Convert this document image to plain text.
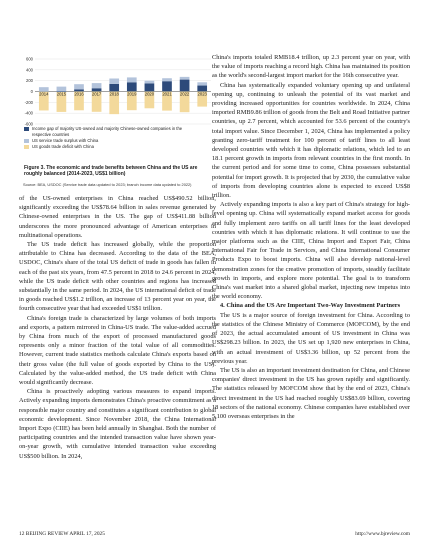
600
400
200
0
-200
-400
-600
2014 2015 2016 2017 2018 2019 2020 2021 2022 2023
Income gap of majority US-owned and majority Chinese-owned companies in the respective countries
US service trade surplus with China
US goods trade deficit with China
Figure 3. The economic and trade benefits between China and the US are roughly balanced (2014-2023, US$1 billion)
Source: BEA, USDOC (Service trade data updated to 2023; branch income data updated to 2022)

of the US-owned enterprises in China reached US$490.52 billion, significantly exceeding the US$78.64 billion in sales revenue generated by Chinese-owned enterprises in the US. The gap of US$411.88 billion underscores the more pronounced advantage of American enterprises in multinational operations.

The US trade deficit has increased globally, while the proportion attributable to China has decreased. According to the data of the BEA, USDOC, China's share of the total US deficit of trade in goods has fallen in each of the past six years, from 47.5 percent in 2018 to 24.6 percent in 2024, while the US trade deficit with other countries and regions has increased substantially in the same period. In 2024, the US international deficit of trade in goods reached US$1.2 trillion, an increase of 13 percent year on year, the fourth consecutive year that had exceeded US$1 trillion.

China's foreign trade is characterized by large volumes of both imports and exports, a pattern mirrored in China-US trade. The value-added accrued by China from much of the export of processed manufactured goods represents only a minor fraction of the total value of all commodities. However, current trade statistics methods calculate China's exports based on their gross value (the full value of goods exported by China to the US). Calculated by the value-added method, the US trade deficit with China would significantly decrease.

China is proactively adopting various measures to expand imports. Actively expanding imports demonstrates China's proactive commitment as a responsible major country and constitutes a significant contribution to global economic development. Since November 2018, the China International Import Expo (CIIE) has been held annually in Shanghai. Both the number of participating countries and the intended transaction value have shown year-on-year growth, with cumulative intended transaction value exceeding US$500 billion. In 2024,

China's imports totaled RMB18.4 trillion, up 2.3 percent year on year, with the value of imports reaching a record high. China has maintained its position as the world's second-largest import market for the 16th consecutive year.

China has systematically expanded voluntary opening up and unilateral opening up, continuing to unleash the potential of its vast market and providing increased opportunities for countries worldwide. In 2024, China imported RMB9.86 trillion of goods from the Belt and Road Initiative partner countries, up 2.7 percent, which accounted for 53.6 percent of the country's total import value. Since December 1, 2024, China has implemented a policy granting zero-tariff treatment for 100 percent of tariff lines to all least developed countries with which it has diplomatic relations, which led to an 18.1 percent growth in imports from relevant countries in the first month. In the current period and for some time to come, China possesses substantial potential for import growth. It is projected that by 2030, the cumulative value of imports from developing countries alone is expected to exceed US$8 trillion.

Actively expanding imports is also a key part of China's strategy for high-level opening up. China will systematically expand market access for goods and fully implement zero tariffs on all tariff lines for the least developed countries with which it has diplomatic relations. It will continue to use the major platforms such as the CIIE, China Import and Export Fair, China International Fair for Trade in Services, and China International Consumer Products Expo to boost imports. China will also develop national-level demonstration zones for the creative promotion of imports, steadily facilitate growth in imports, and explore more potential. The goal is to transform China's vast market into a shared global market, injecting new impetus into the world economy.

4. China and the US Are Important Two-Way Investment Partners

The US is a major source of foreign investment for China. According to the statistics of the Chinese Ministry of Commerce (MOFCOM), by the end of 2023, the actual accumulated amount of US investment in China was US$298.23 billion. In 2023, the US set up 1,920 new enterprises in China, with an actual investment of US$3.36 billion, up 52 percent from the previous year.

The US is also an important investment destination for China, and Chinese companies' direct investment in the US has grown rapidly and significantly. The statistics released by MOFCOM show that by the end of 2023, China's direct investment in the US had reached roughly US$83.69 billion, covering 18 sectors of the national economy. Chinese companies have established over 5,100 overseas enterprises in the

12 BEIJING REVIEW APRIL 17, 2025	http://www.bjreview.com
